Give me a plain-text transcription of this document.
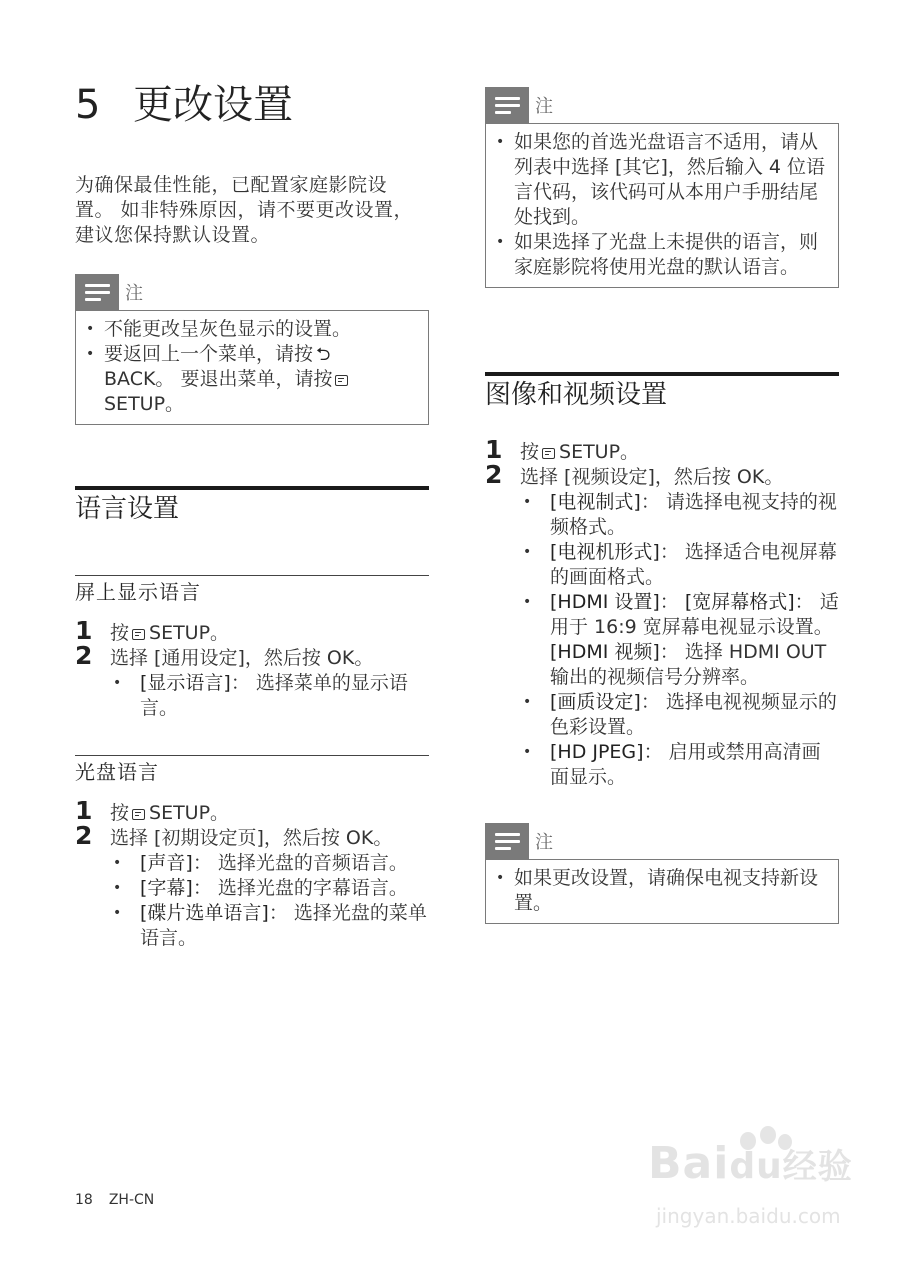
5 更改设置
为确保最佳性能，已配置家庭影院设置。 如非特殊原因，请不要更改设置，建议您保持默认设置。
注
• 不能更改呈灰色显示的设置。
• 要返回上一个菜单，请按 ⮌
BACK。 要退出菜单，请按
SETUP。
语言设置
屏上显示语言
1 按 SETUP。
2 选择 [通用设定]，然后按 OK。
• [显示语言]： 选择菜单的显示语言。
光盘语言
1 按 SETUP。
2 选择 [初期设定页]，然后按 OK。
• [声音]： 选择光盘的音频语言。
• [字幕]： 选择光盘的字幕语言。
• [碟片选单语言]： 选择光盘的菜单语言。
注
• 如果您的首选光盘语言不适用，请从列表中选择 [其它]，然后输入 4 位语言代码，该代码可从本用户手册结尾处找到。
• 如果选择了光盘上未提供的语言，则家庭影院将使用光盘的默认语言。
图像和视频设置
1 按 SETUP。
2 选择 [视频设定]，然后按 OK。
• [电视制式]： 请选择电视支持的视频格式。
• [电视机形式]： 选择适合电视屏幕的画面格式。
• [HDMI 设置]： [宽屏幕格式]： 适用于 16:9 宽屏幕电视显示设置。 [HDMI 视频]： 选择 HDMI OUT 输出的视频信号分辨率。
• [画质设定]： 选择电视视频显示的色彩设置。
• [HD JPEG]： 启用或禁用高清画面显示。
注
• 如果更改设置，请确保电视支持新设置。
18 ZH-CN
Baidu经验
jingyan.baidu.com
